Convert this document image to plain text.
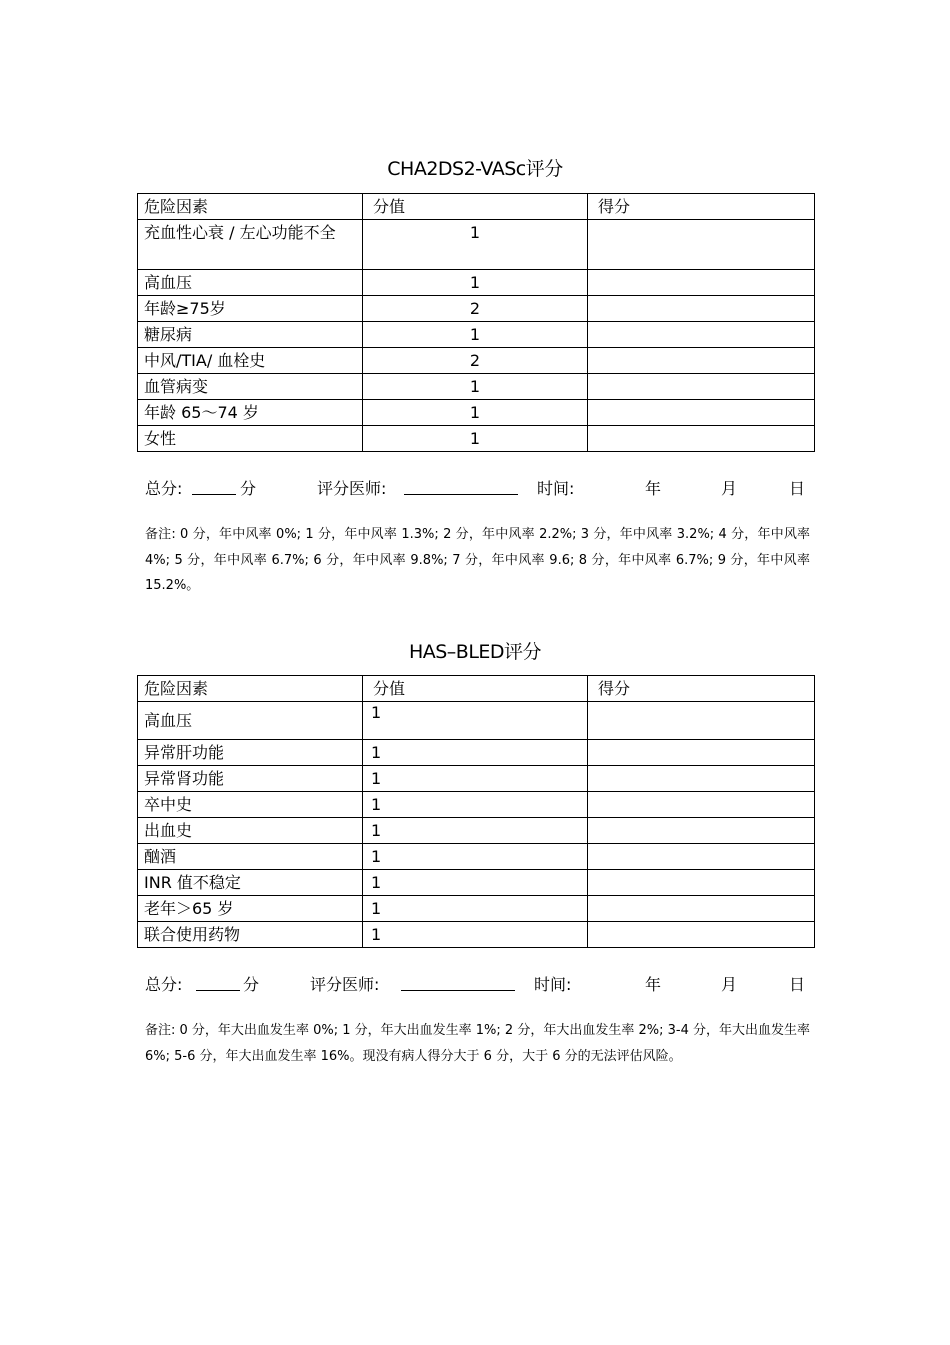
CHA2DS2-VASc评分
危险因素	分值	得分
充血性心衰 / 左心功能不全	1	
高血压	1	
年龄≥75岁	2	
糖尿病	1	
中风/TIA/ 血栓史	2	
血管病变	1	
年龄 65～74 岁	1	
女性	1	
总分:	分	评分医师:	时间:	年	月	日
备注: 0 分，年中风率 0%; 1 分，年中风率 1.3%; 2 分，年中风率 2.2%; 3 分，年中风率 3.2%; 4 分，年中风率 4%; 5 分，年中风率 6.7%; 6 分，年中风率 9.8%; 7 分，年中风率 9.6; 8 分，年中风率 6.7%; 9 分，年中风率 15.2%。
HAS–BLED评分
危险因素	分值	得分
高血压	1	
异常肝功能	1	
异常肾功能	1	
卒中史	1	
出血史	1	
酗酒	1	
INR 值不稳定	1	
老年＞65 岁	1	
联合使用药物	1	
总分:	分	评分医师:	时间:	年	月	日
备注: 0 分，年大出血发生率 0%; 1 分，年大出血发生率 1%; 2 分，年大出血发生率 2%; 3-4 分，年大出血发生率 6%; 5-6 分，年大出血发生率 16%。现没有病人得分大于 6 分，大于 6 分的无法评估风险。
